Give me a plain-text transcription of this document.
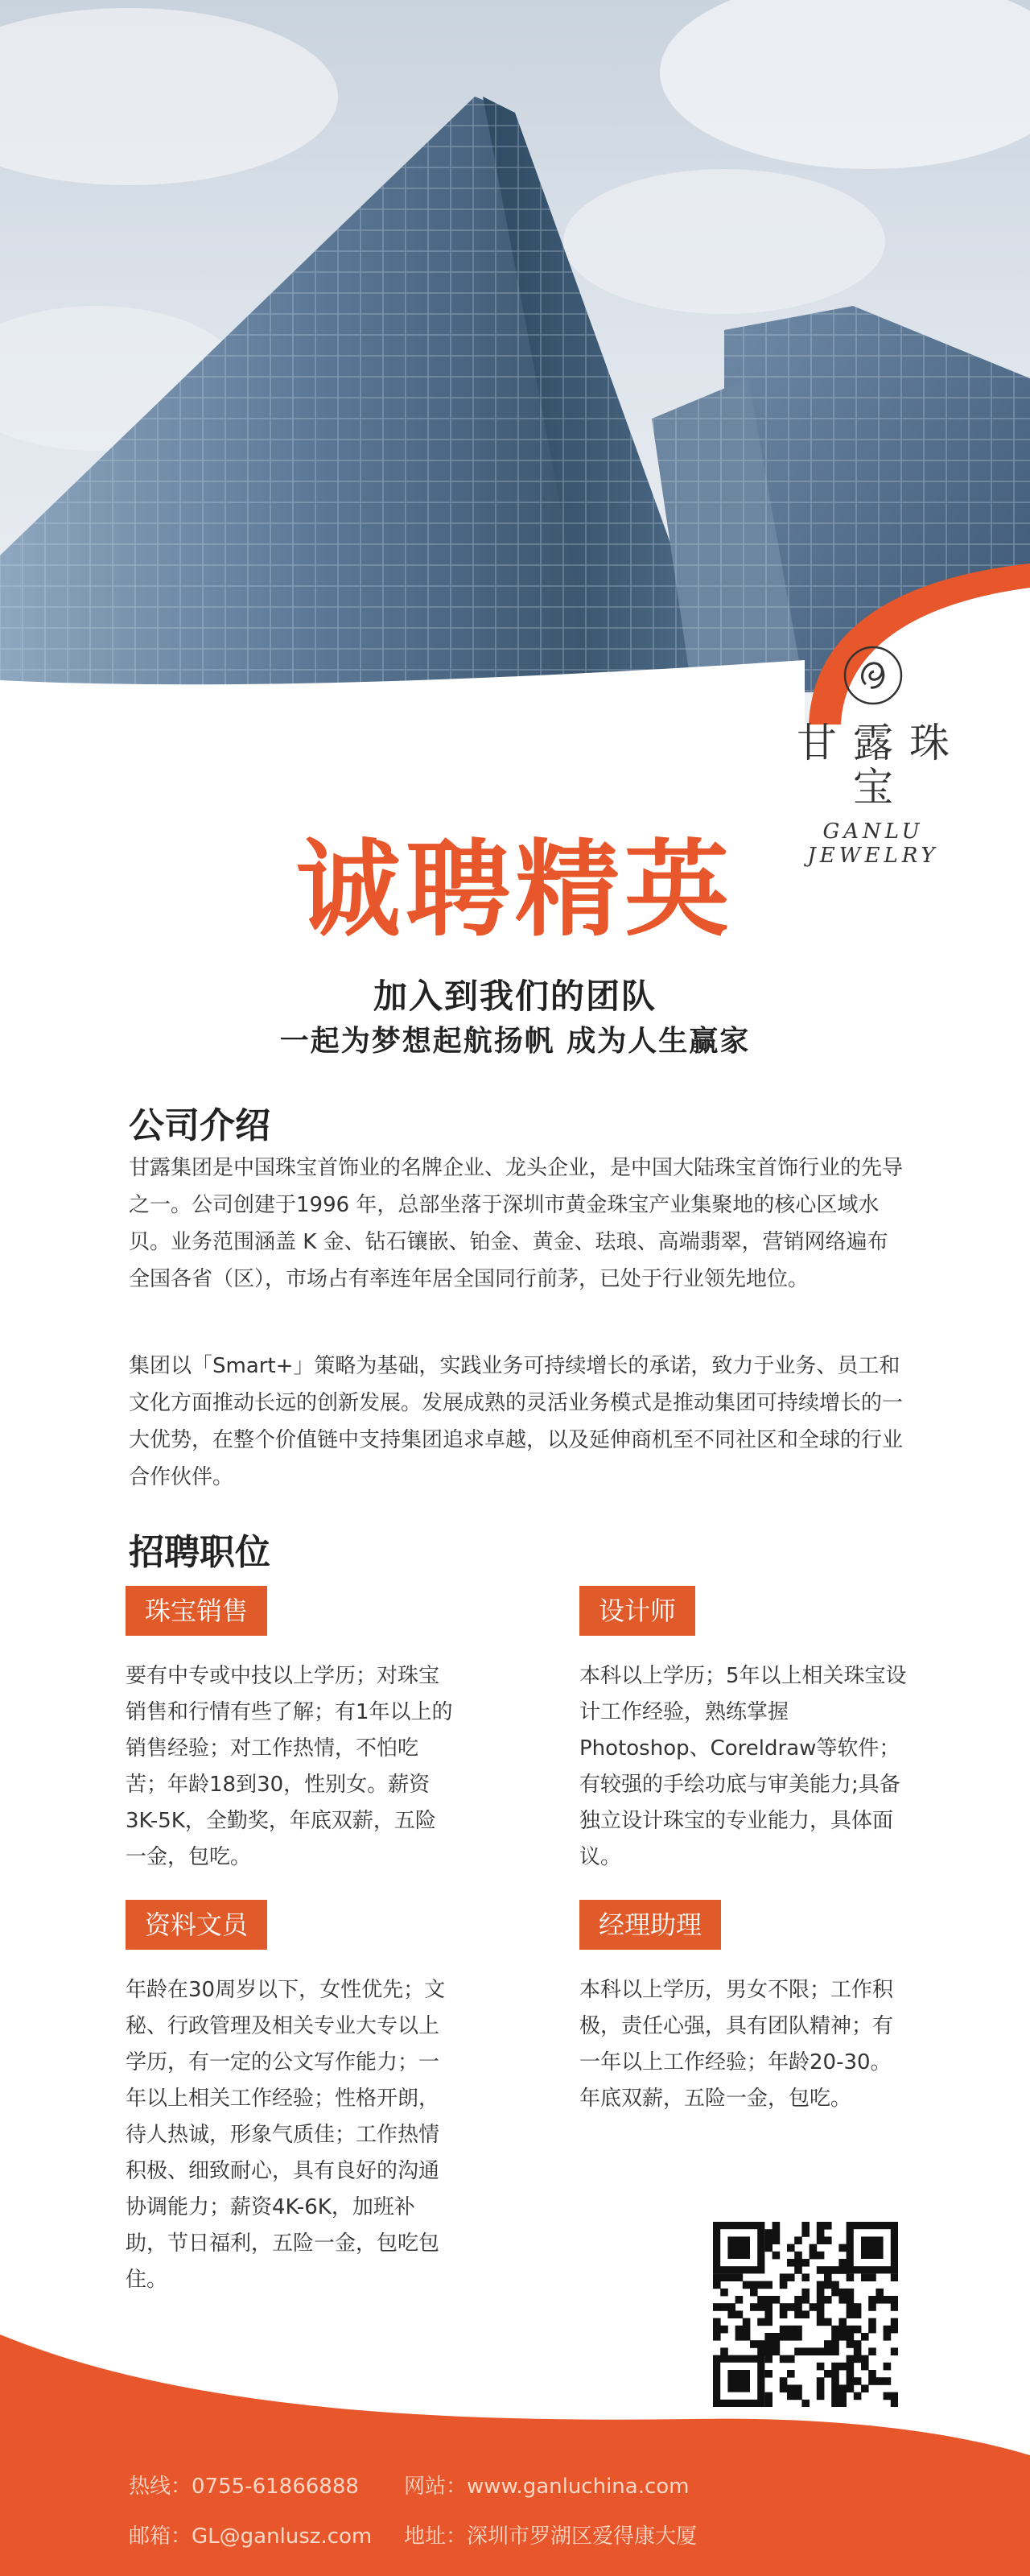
甘露珠宝
GANLU JEWELRY
诚聘精英
加入到我们的团队
一起为梦想起航扬帆 成为人生赢家
公司介绍
甘露集团是中国珠宝首饰业的名牌企业、龙头企业，是中国大陆珠宝首饰行业的先导之一。公司创建于1996 年，总部坐落于深圳市黄金珠宝产业集聚地的核心区域水贝。业务范围涵盖 K 金、钻石镶嵌、铂金、黄金、珐琅、高端翡翠，营销网络遍布全国各省（区），市场占有率连年居全国同行前茅，已处于行业领先地位。
集团以「Smart+」策略为基础，实践业务可持续增长的承诺，致力于业务、员工和文化方面推动长远的创新发展。发展成熟的灵活业务模式是推动集团可持续增长的一大优势，在整个价值链中支持集团追求卓越，以及延伸商机至不同社区和全球的行业合作伙伴。
招聘职位
珠宝销售
要有中专或中技以上学历；对珠宝销售和行情有些了解；有1年以上的销售经验；对工作热情，不怕吃苦；年龄18到30，性别女。薪资3K-5K，全勤奖，年底双薪，五险一金，包吃。
设计师
本科以上学历；5年以上相关珠宝设计工作经验，熟练掌握Photoshop、Coreldraw等软件；有较强的手绘功底与审美能力;具备独立设计珠宝的专业能力，具体面议。
资料文员
年龄在30周岁以下，女性优先；文秘、行政管理及相关专业大专以上学历，有一定的公文写作能力；一年以上相关工作经验；性格开朗，待人热诚，形象气质佳；工作热情积极、细致耐心，具有良好的沟通协调能力；薪资4K-6K，加班补助，节日福利，五险一金，包吃包住。
经理助理
本科以上学历，男女不限；工作积极，责任心强，具有团队精神；有一年以上工作经验；年龄20-30。年底双薪，五险一金，包吃。
热线：0755-61866888 网站：www.ganluchina.com
邮箱：GL@ganlusz.com 地址：深圳市罗湖区爱得康大厦
